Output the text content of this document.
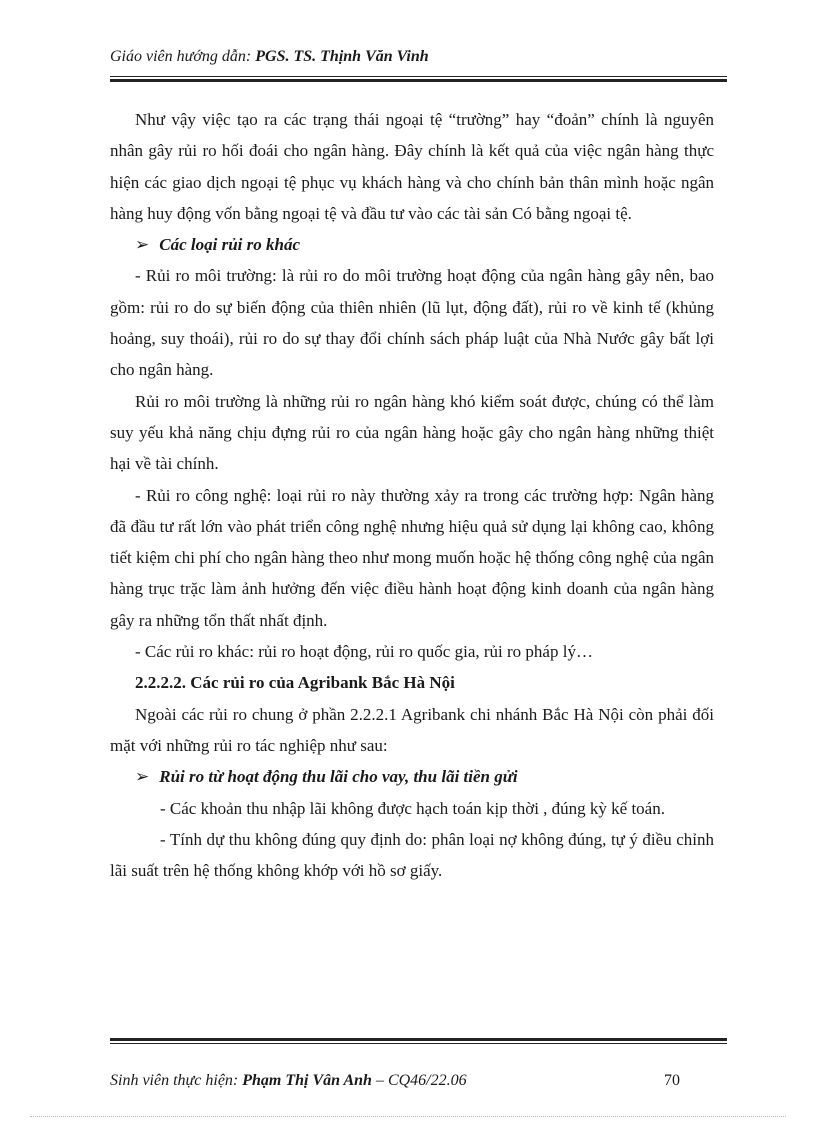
Giáo viên hướng dẫn: PGS. TS. Thịnh Văn Vinh

Như vậy việc tạo ra các trạng thái ngoại tệ “trường” hay “đoản” chính là nguyên nhân gây rủi ro hối đoái cho ngân hàng. Đây chính là kết quả của việc ngân hàng thực hiện các giao dịch ngoại tệ phục vụ khách hàng và cho chính bản thân mình hoặc ngân hàng huy động vốn bằng ngoại tệ và đầu tư vào các tài sản Có bằng ngoại tệ.

➢ Các loại rủi ro khác

- Rủi ro môi trường: là rủi ro do môi trường hoạt động của ngân hàng gây nên, bao gồm: rủi ro do sự biến động của thiên nhiên (lũ lụt, động đất), rủi ro về kinh tế (khủng hoảng, suy thoái), rủi ro do sự thay đổi chính sách pháp luật của Nhà Nước gây bất lợi cho ngân hàng.

Rủi ro môi trường là những rủi ro ngân hàng khó kiểm soát được, chúng có thể làm suy yếu khả năng chịu đựng rủi ro của ngân hàng hoặc gây cho ngân hàng những thiệt hại về tài chính.

- Rủi ro công nghệ: loại rủi ro này thường xảy ra trong các trường hợp: Ngân hàng đã đầu tư rất lớn vào phát triển công nghệ nhưng hiệu quả sử dụng lại không cao, không tiết kiệm chi phí cho ngân hàng theo như mong muốn hoặc hệ thống công nghệ của ngân hàng trục trặc làm ảnh hưởng đến việc điều hành hoạt động kinh doanh của ngân hàng gây ra những tổn thất nhất định.

- Các rủi ro khác: rủi ro hoạt động, rủi ro quốc gia, rủi ro pháp lý…

2.2.2.2. Các rủi ro của Agribank Bắc Hà Nội

Ngoài các rủi ro chung ở phần 2.2.2.1 Agribank chi nhánh Bắc Hà Nội còn phải đối mặt với những rủi ro tác nghiệp như sau:

➢ Rủi ro từ hoạt động thu lãi cho vay, thu lãi tiền gửi

- Các khoản thu nhập lãi không được hạch toán kịp thời , đúng kỳ kế toán.

- Tính dự thu không đúng quy định do: phân loại nợ không đúng, tự ý điều chỉnh lãi suất trên hệ thống không khớp với hồ sơ giấy.

Sinh viên thực hiện: Phạm Thị Vân Anh – CQ46/22.06	70
